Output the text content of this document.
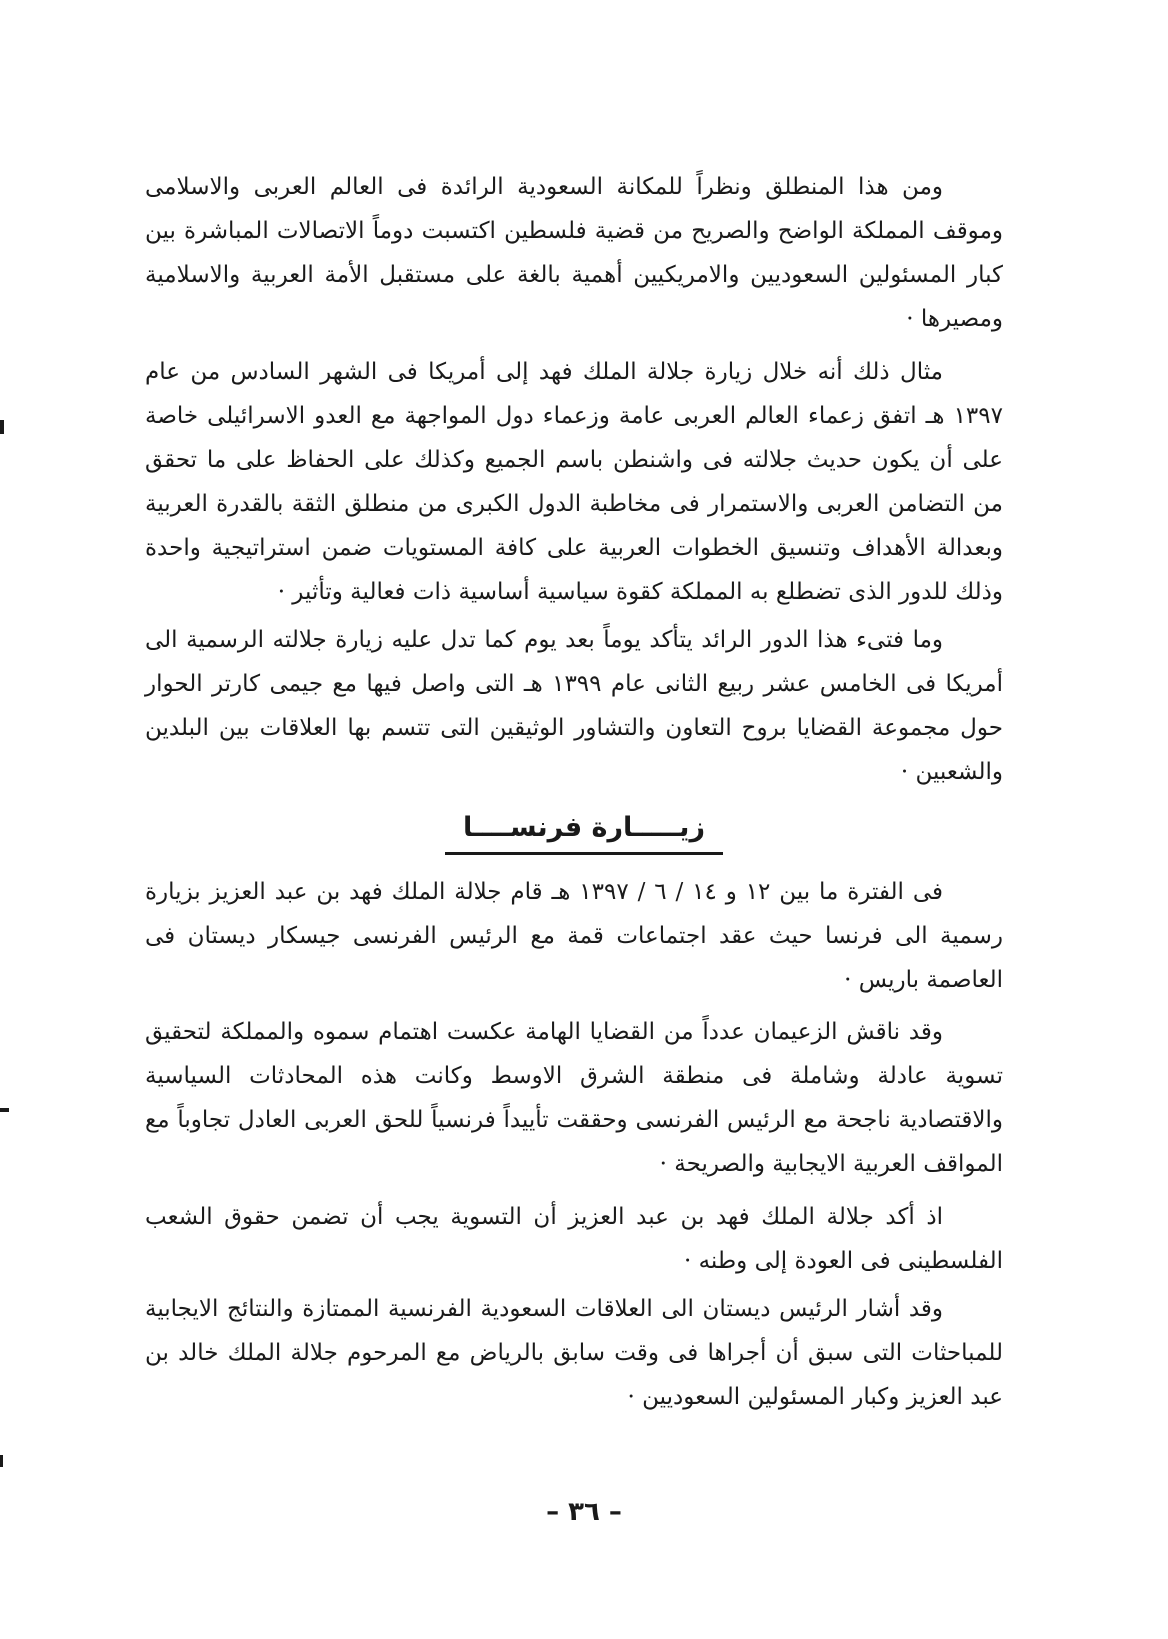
ومن هذا المنطلق ونظراً للمكانة السعودية الرائدة فى العالم العربى والاسلامى وموقف المملكة الواضح والصريح من قضية فلسطين اكتسبت دوماً الاتصالات المباشرة بين كبار المسئولين السعوديين والامريكيين أهمية بالغة على مستقبل الأمة العربية والاسلامية ومصيرها ·

مثال ذلك أنه خلال زيارة جلالة الملك فهد إلى أمريكا فى الشهر السادس من عام ١٣٩٧ هـ اتفق زعماء العالم العربى عامة وزعماء دول المواجهة مع العدو الاسرائيلى خاصة على أن يكون حديث جلالته فى واشنطن باسم الجميع وكذلك على الحفاظ على ما تحقق من التضامن العربى والاستمرار فى مخاطبة الدول الكبرى من منطلق الثقة بالقدرة العربية وبعدالة الأهداف وتنسيق الخطوات العربية على كافة المستويات ضمن استراتيجية واحدة وذلك للدور الذى تضطلع به المملكة كقوة سياسية أساسية ذات فعالية وتأثير ·

وما فتىء هذا الدور الرائد يتأكد يوماً بعد يوم كما تدل عليه زيارة جلالته الرسمية الى أمريكا فى الخامس عشر ربيع الثانى عام ١٣٩٩ هـ التى واصل فيها مع جيمى كارتر الحوار حول مجموعة القضايا بروح التعاون والتشاور الوثيقين التى تتسم بها العلاقات بين البلدين والشعبين ·

زيـــــارة فرنســــا

فى الفترة ما بين ١٢ و ١٤ / ٦ / ١٣٩٧ هـ قام جلالة الملك فهد بن عبد العزيز بزيارة رسمية الى فرنسا حيث عقد اجتماعات قمة مع الرئيس الفرنسى جيسكار ديستان فى العاصمة باريس ·

وقد ناقش الزعيمان عدداً من القضايا الهامة عكست اهتمام سموه والمملكة لتحقيق تسوية عادلة وشاملة فى منطقة الشرق الاوسط وكانت هذه المحادثات السياسية والاقتصادية ناجحة مع الرئيس الفرنسى وحققت تأييداً فرنسياً للحق العربى العادل تجاوباً مع المواقف العربية الايجابية والصريحة ·

اذ أكد جلالة الملك فهد بن عبد العزيز أن التسوية يجب أن تضمن حقوق الشعب الفلسطينى فى العودة إلى وطنه ·

وقد أشار الرئيس ديستان الى العلاقات السعودية الفرنسية الممتازة والنتائج الايجابية للمباحثات التى سبق أن أجراها فى وقت سابق بالرياض مع المرحوم جلالة الملك خالد بن عبد العزيز وكبار المسئولين السعوديين ·

– ٣٦ –
